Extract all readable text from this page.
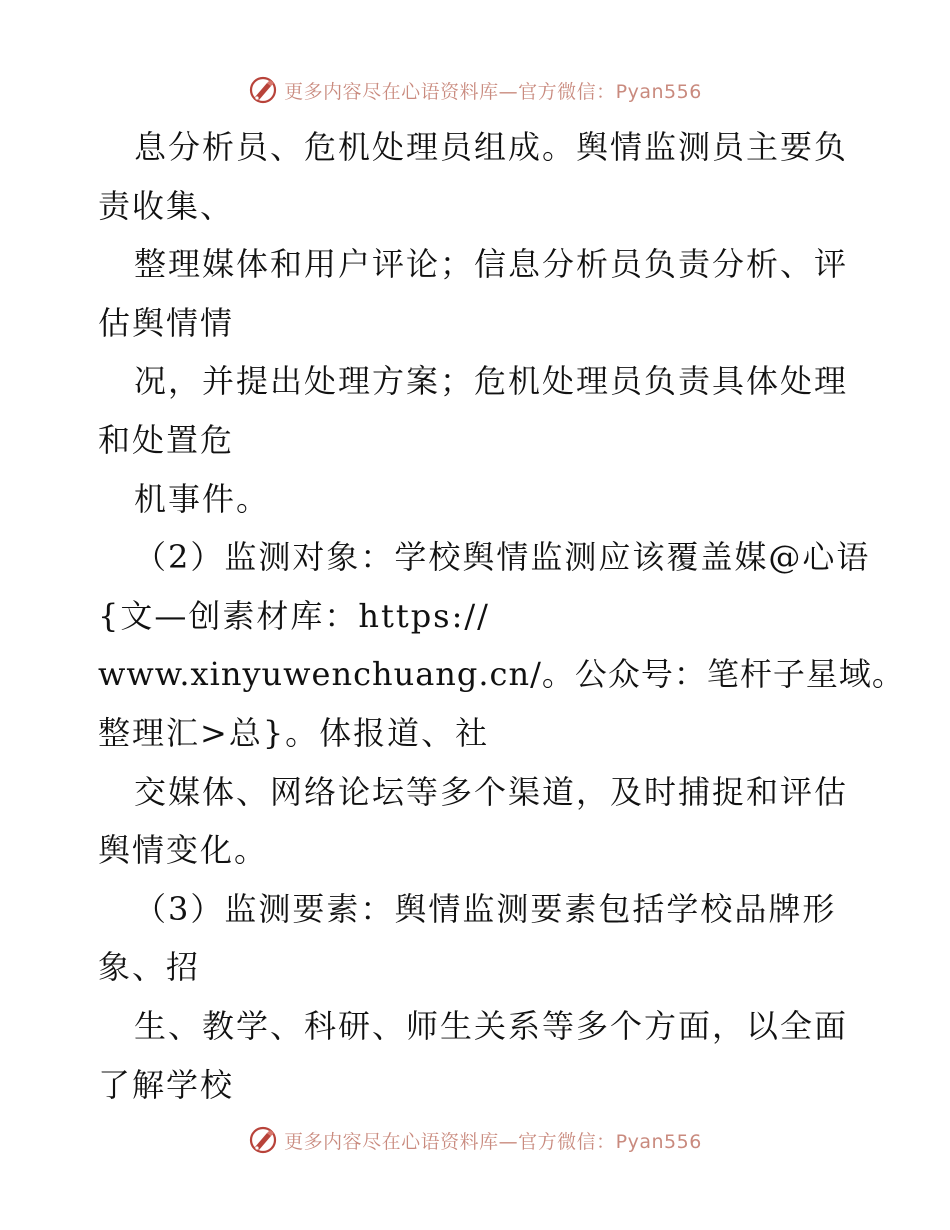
更多内容尽在心语资料库—官方微信：Pyan556
息分析员、危机处理员组成。舆情监测员主要负
责收集、
整理媒体和用户评论；信息分析员负责分析、评
估舆情情
况，并提出处理方案；危机处理员负责具体处理
和处置危
机事件。
（2）监测对象：学校舆情监测应该覆盖媒@心语
{文—创素材库：https://
www.xinyuwenchuang.cn/。公众号：笔杆子星域。
整理汇>总}。体报道、社
交媒体、网络论坛等多个渠道，及时捕捉和评估
舆情变化。
（3）监测要素：舆情监测要素包括学校品牌形
象、招
生、教学、科研、师生关系等多个方面，以全面
了解学校
更多内容尽在心语资料库—官方微信：Pyan556
